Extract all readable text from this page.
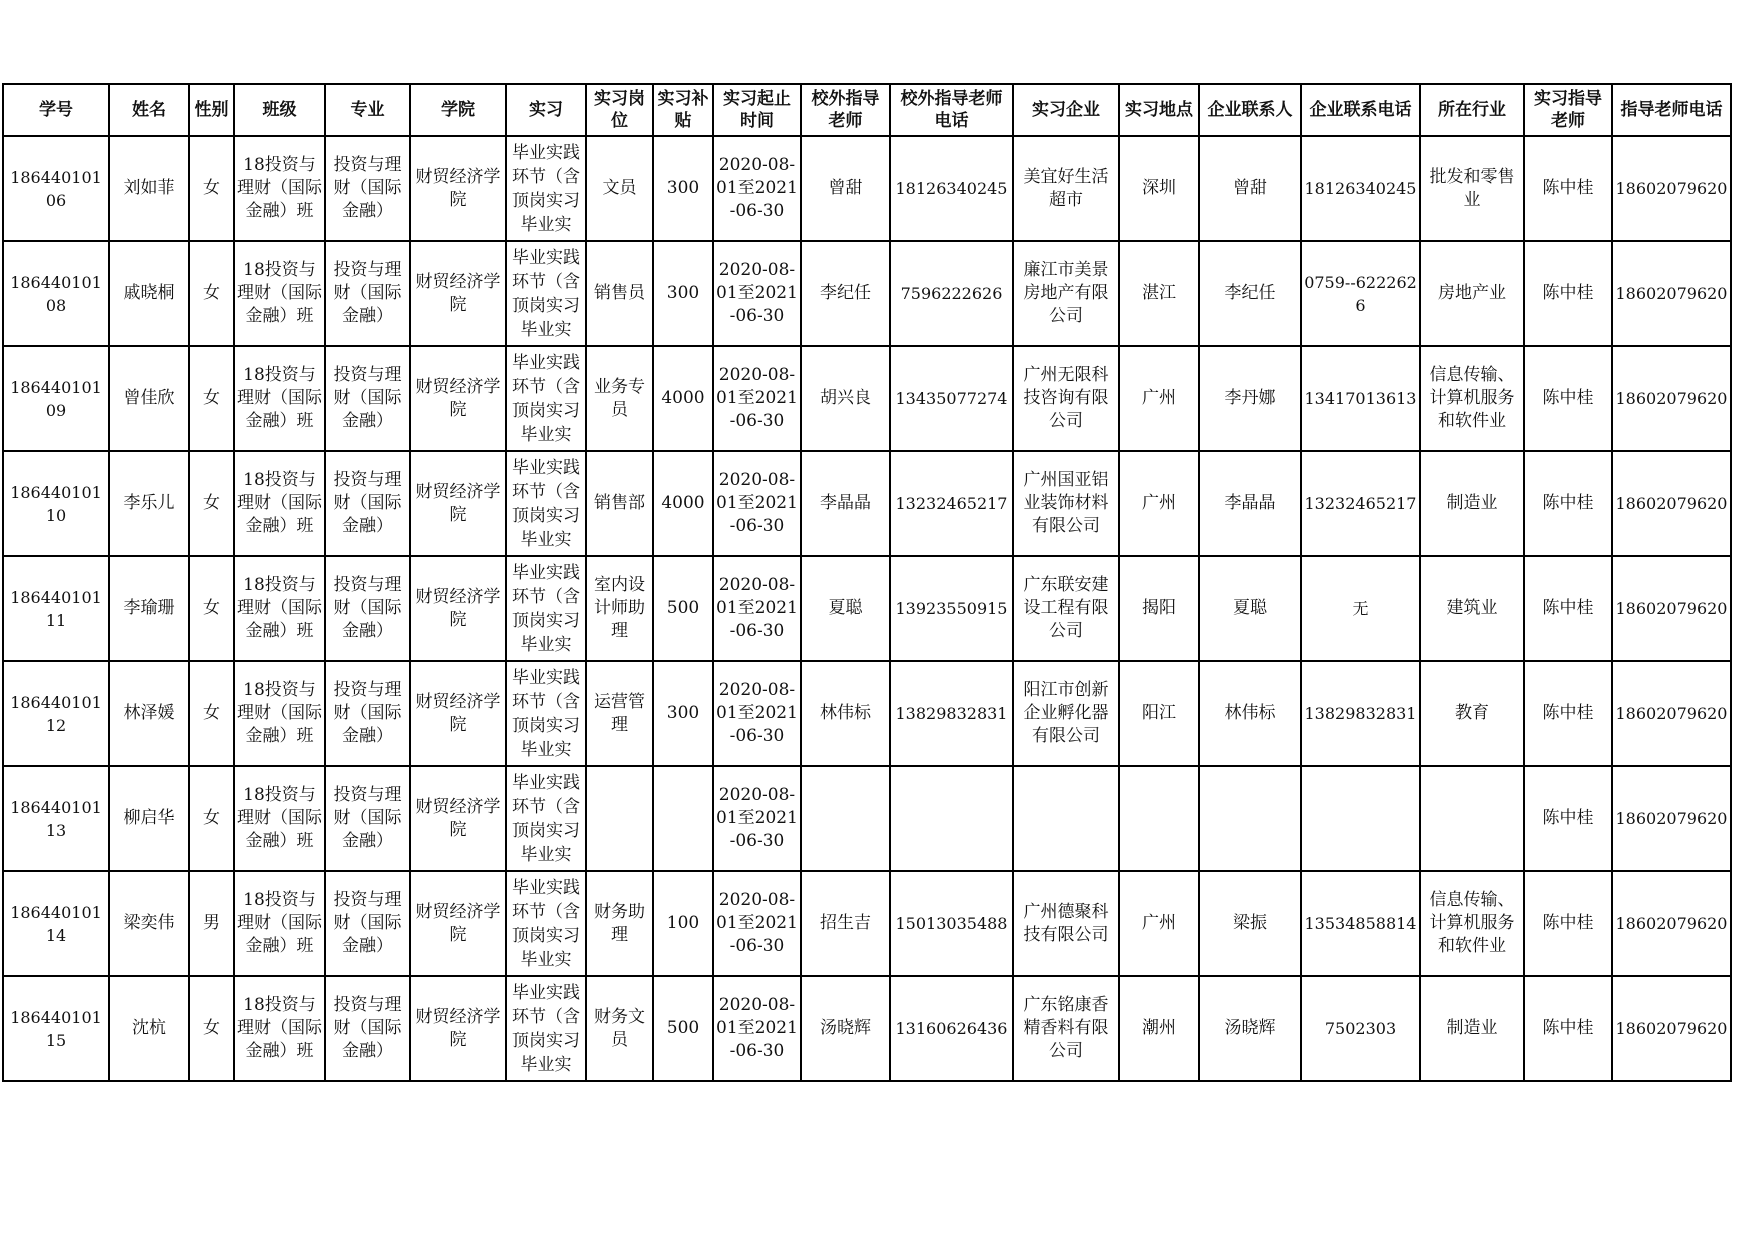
学号	姓名	性别	班级	专业	学院	实习	实习岗位	实习补贴	实习起止时间	校外指导老师	校外指导老师电话	实习企业	实习地点	企业联系人	企业联系电话	所在行业	实习指导老师	指导老师电话
18644010106	刘如菲	女	18投资与理财（国际金融）班	投资与理财（国际金融）	财贸经济学院	毕业实践环节（含顶岗实习毕业实	文员	300	2020-08-01至2021-06-30	曾甜	18126340245	美宜好生活超市	深圳	曾甜	18126340245	批发和零售业	陈中桂	18602079620
18644010108	戚晓桐	女	18投资与理财（国际金融）班	投资与理财（国际金融）	财贸经济学院	毕业实践环节（含顶岗实习毕业实	销售员	300	2020-08-01至2021-06-30	李纪任	7596222626	廉江市美景房地产有限公司	湛江	李纪任	0759--6222626	房地产业	陈中桂	18602079620
18644010109	曾佳欣	女	18投资与理财（国际金融）班	投资与理财（国际金融）	财贸经济学院	毕业实践环节（含顶岗实习毕业实	业务专员	4000	2020-08-01至2021-06-30	胡兴良	13435077274	广州无限科技咨询有限公司	广州	李丹娜	13417013613	信息传输、计算机服务和软件业	陈中桂	18602079620
18644010110	李乐儿	女	18投资与理财（国际金融）班	投资与理财（国际金融）	财贸经济学院	毕业实践环节（含顶岗实习毕业实	销售部	4000	2020-08-01至2021-06-30	李晶晶	13232465217	广州国亚铝业装饰材料有限公司	广州	李晶晶	13232465217	制造业	陈中桂	18602079620
18644010111	李瑜珊	女	18投资与理财（国际金融）班	投资与理财（国际金融）	财贸经济学院	毕业实践环节（含顶岗实习毕业实	室内设计师助理	500	2020-08-01至2021-06-30	夏聪	13923550915	广东联安建设工程有限公司	揭阳	夏聪	无	建筑业	陈中桂	18602079620
18644010112	林泽媛	女	18投资与理财（国际金融）班	投资与理财（国际金融）	财贸经济学院	毕业实践环节（含顶岗实习毕业实	运营管理	300	2020-08-01至2021-06-30	林伟标	13829832831	阳江市创新企业孵化器有限公司	阳江	林伟标	13829832831	教育	陈中桂	18602079620
18644010113	柳启华	女	18投资与理财（国际金融）班	投资与理财（国际金融）	财贸经济学院	毕业实践环节（含顶岗实习毕业实			2020-08-01至2021-06-30								陈中桂	18602079620
18644010114	梁奕伟	男	18投资与理财（国际金融）班	投资与理财（国际金融）	财贸经济学院	毕业实践环节（含顶岗实习毕业实	财务助理	100	2020-08-01至2021-06-30	招生吉	15013035488	广州德聚科技有限公司	广州	梁振	13534858814	信息传输、计算机服务和软件业	陈中桂	18602079620
18644010115	沈杭	女	18投资与理财（国际金融）班	投资与理财（国际金融）	财贸经济学院	毕业实践环节（含顶岗实习毕业实	财务文员	500	2020-08-01至2021-06-30	汤晓辉	13160626436	广东铭康香精香料有限公司	潮州	汤晓辉	7502303	制造业	陈中桂	18602079620
